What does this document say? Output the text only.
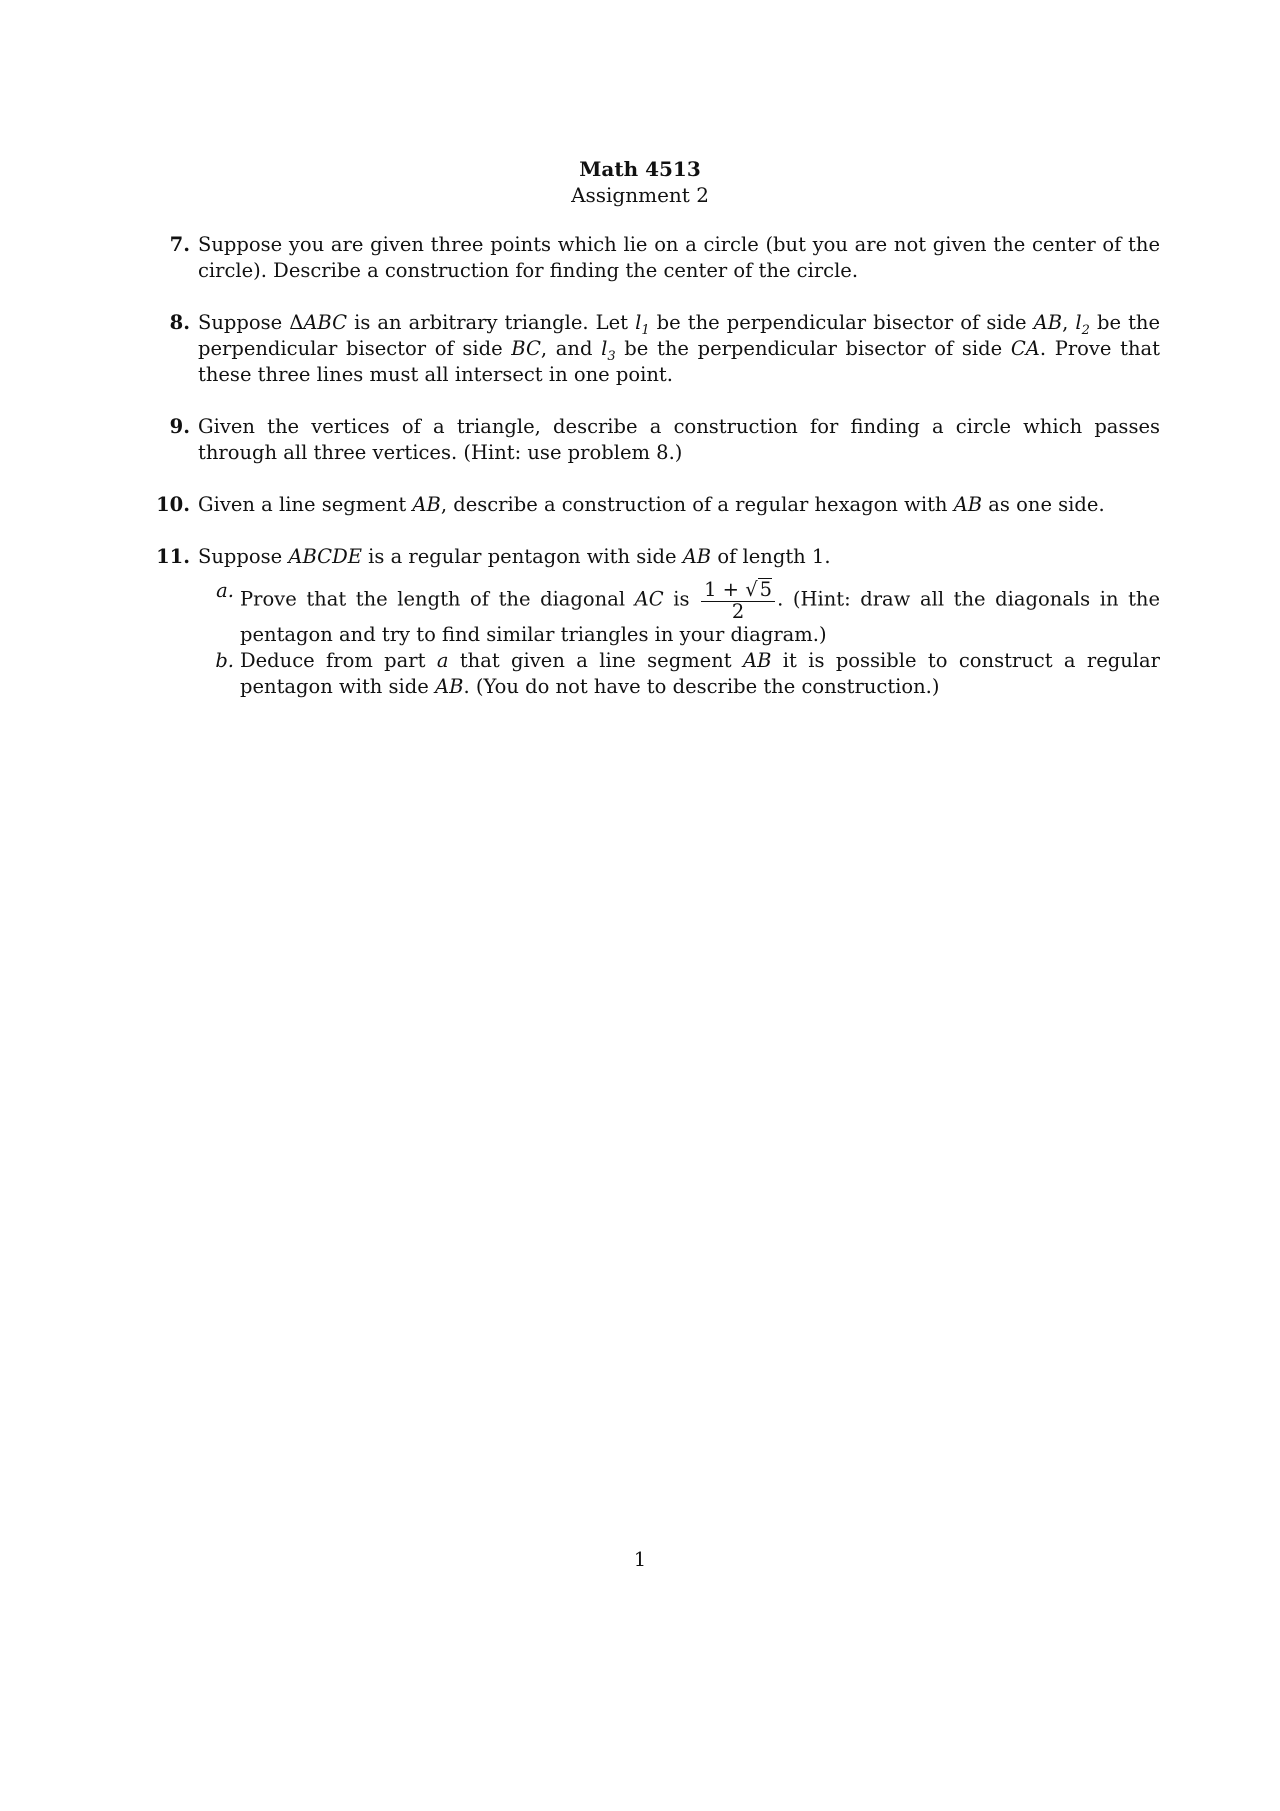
Math 4513
Assignment 2
7. Suppose you are given three points which lie on a circle (but you are not given the center of the circle). Describe a construction for finding the center of the circle.
8. Suppose ΔABC is an arbitrary triangle. Let $l_1$ be the perpendicular bisector of side AB, $l_2$ be the perpendicular bisector of side BC, and $l_3$ be the perpendicular bisector of side CA. Prove that these three lines must all intersect in one point.
9. Given the vertices of a triangle, describe a construction for finding a circle which passes through all three vertices. (Hint: use problem 8.)
10. Given a line segment AB, describe a construction of a regular hexagon with AB as one side.
11. Suppose ABCDE is a regular pentagon with side AB of length 1.
a. Prove that the length of the diagonal AC is $\frac{1 + √ 5}{2}$ . (Hint: draw all the diagonals in the pentagon and try to find similar triangles in your diagram.)
b. Deduce from part a that given a line segment AB it is possible to construct a regular pentagon with side AB. (You do not have to describe the construction.)
1
